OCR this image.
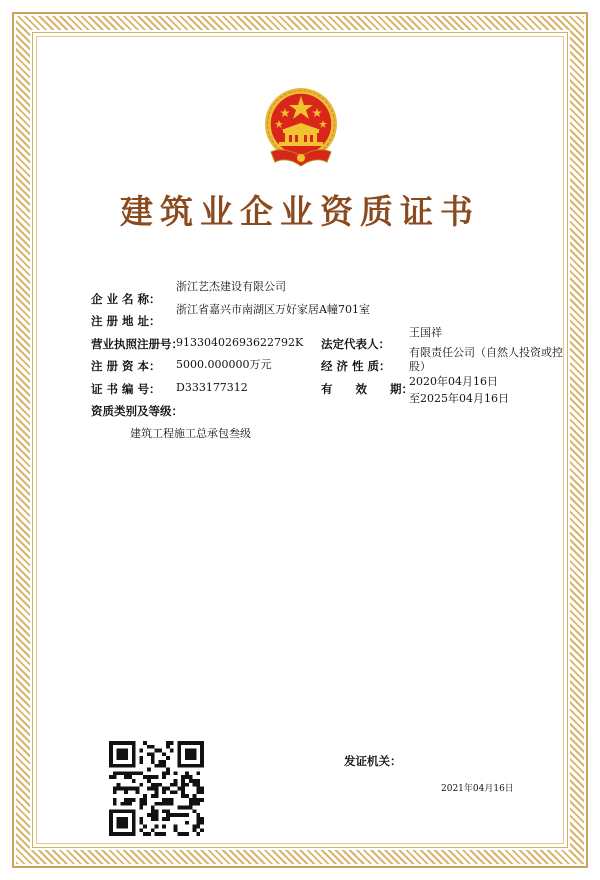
建筑业企业资质证书
浙江艺杰建设有限公司
企 业 名 称：
浙江省嘉兴市南湖区万好家居A幢701室
注 册 地 址：
营业执照注册号：
91330402693622792K
注 册 资 本： 5000.000000万元
证 书 编 号： D333177312
资质类别及等级：
建筑工程施工总承包叁级
王国祥
法定代表人：
有限责任公司（自然人投资或控股）
经 济 性 质：
2020年04月16日
有　　效　　期：
至2025年04月16日
发证机关：
2021年04月16日
